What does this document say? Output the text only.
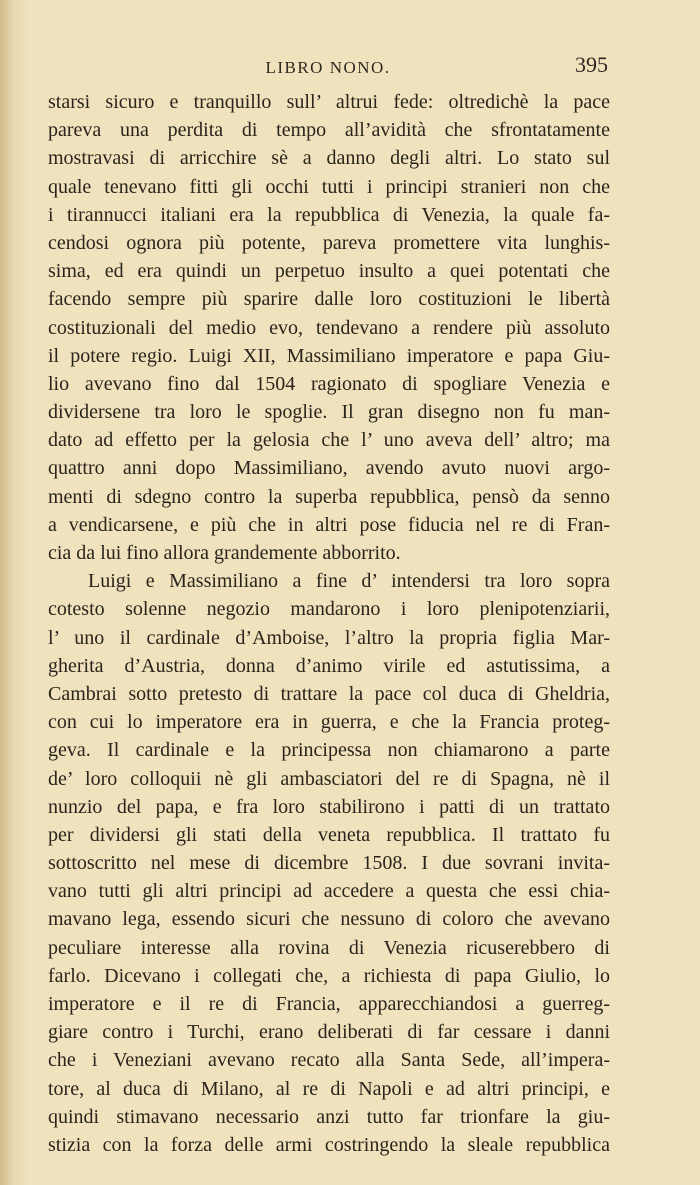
LIBRO NONO.	395
starsi sicuro e tranquillo sull’ altrui fede: oltredichè la pace
pareva una perdita di tempo all’avidità che sfrontatamente
mostravasi di arricchire sè a danno degli altri. Lo stato sul
quale tenevano fitti gli occhi tutti i principi stranieri non che
i tirannucci italiani era la repubblica di Venezia, la quale fa-
cendosi ognora più potente, pareva promettere vita lunghis-
sima, ed era quindi un perpetuo insulto a quei potentati che
facendo sempre più sparire dalle loro costituzioni le libertà
costituzionali del medio evo, tendevano a rendere più assoluto
il potere regio. Luigi XII, Massimiliano imperatore e papa Giu-
lio avevano fino dal 1504 ragionato di spogliare Venezia e
dividersene tra loro le spoglie. Il gran disegno non fu man-
dato ad effetto per la gelosia che l’ uno aveva dell’ altro; ma
quattro anni dopo Massimiliano, avendo avuto nuovi argo-
menti di sdegno contro la superba repubblica, pensò da senno
a vendicarsene, e più che in altri pose fiducia nel re di Fran-
cia da lui fino allora grandemente abborrito.
Luigi e Massimiliano a fine d’ intendersi tra loro sopra
cotesto solenne negozio mandarono i loro plenipotenziarii,
l’ uno il cardinale d’Amboise, l’altro la propria figlia Mar-
gherita d’Austria, donna d’animo virile ed astutissima, a
Cambrai sotto pretesto di trattare la pace col duca di Gheldria,
con cui lo imperatore era in guerra, e che la Francia proteg-
geva. Il cardinale e la principessa non chiamarono a parte
de’ loro colloquii nè gli ambasciatori del re di Spagna, nè il
nunzio del papa, e fra loro stabilirono i patti di un trattato
per dividersi gli stati della veneta repubblica. Il trattato fu
sottoscritto nel mese di dicembre 1508. I due sovrani invita-
vano tutti gli altri principi ad accedere a questa che essi chia-
mavano lega, essendo sicuri che nessuno di coloro che avevano
peculiare interesse alla rovina di Venezia ricuserebbero di
farlo. Dicevano i collegati che, a richiesta di papa Giulio, lo
imperatore e il re di Francia, apparecchiandosi a guerreg-
giare contro i Turchi, erano deliberati di far cessare i danni
che i Veneziani avevano recato alla Santa Sede, all’impera-
tore, al duca di Milano, al re di Napoli e ad altri principi, e
quindi stimavano necessario anzi tutto far trionfare la giu-
stizia con la forza delle armi costringendo la sleale repubblica
